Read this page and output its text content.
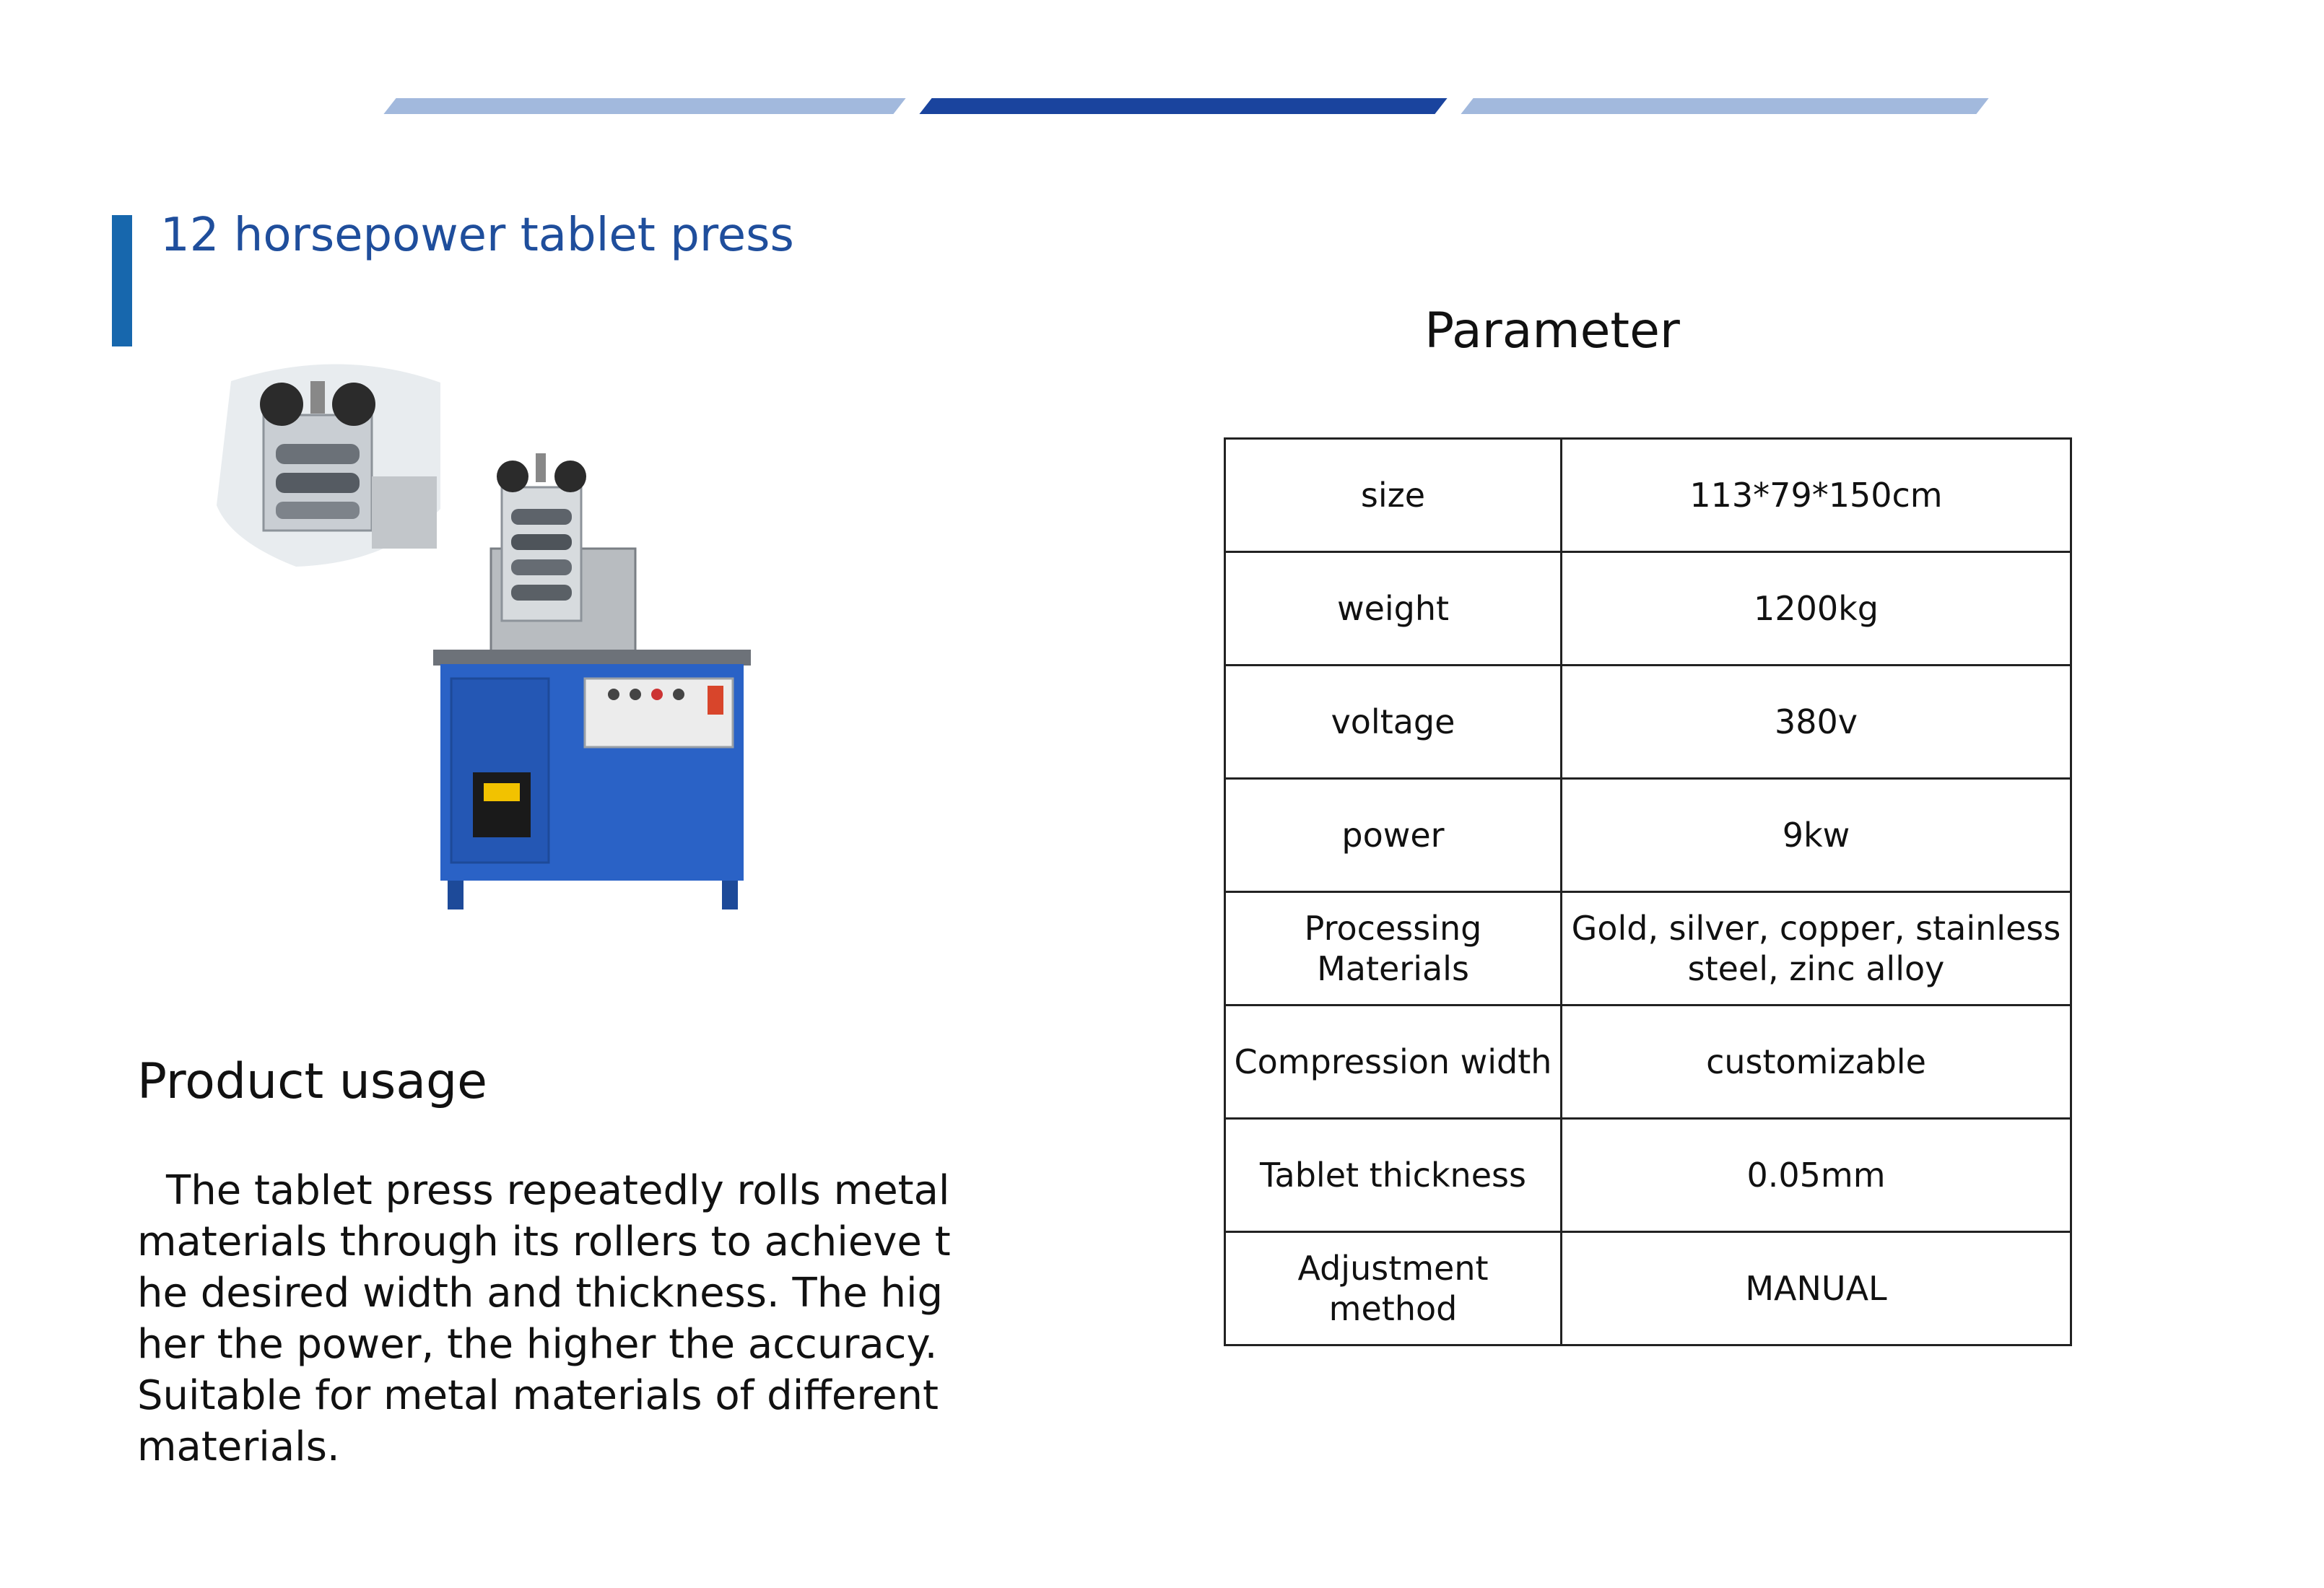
12 horsepower tablet press
Product usage
The tablet press repeatedly rolls metal materials through its rollers to achieve the desired width and thickness. The higher the power, the higher the accuracy. Suitable for metal materials of different materials.
Parameter
size	113*79*150cm
weight	1200kg
voltage	380v
power	9kw
Processing Materials	Gold, silver, copper, stainless steel, zinc alloy
Compression width	customizable
Tablet thickness	0.05mm
Adjustment method	MANUAL
